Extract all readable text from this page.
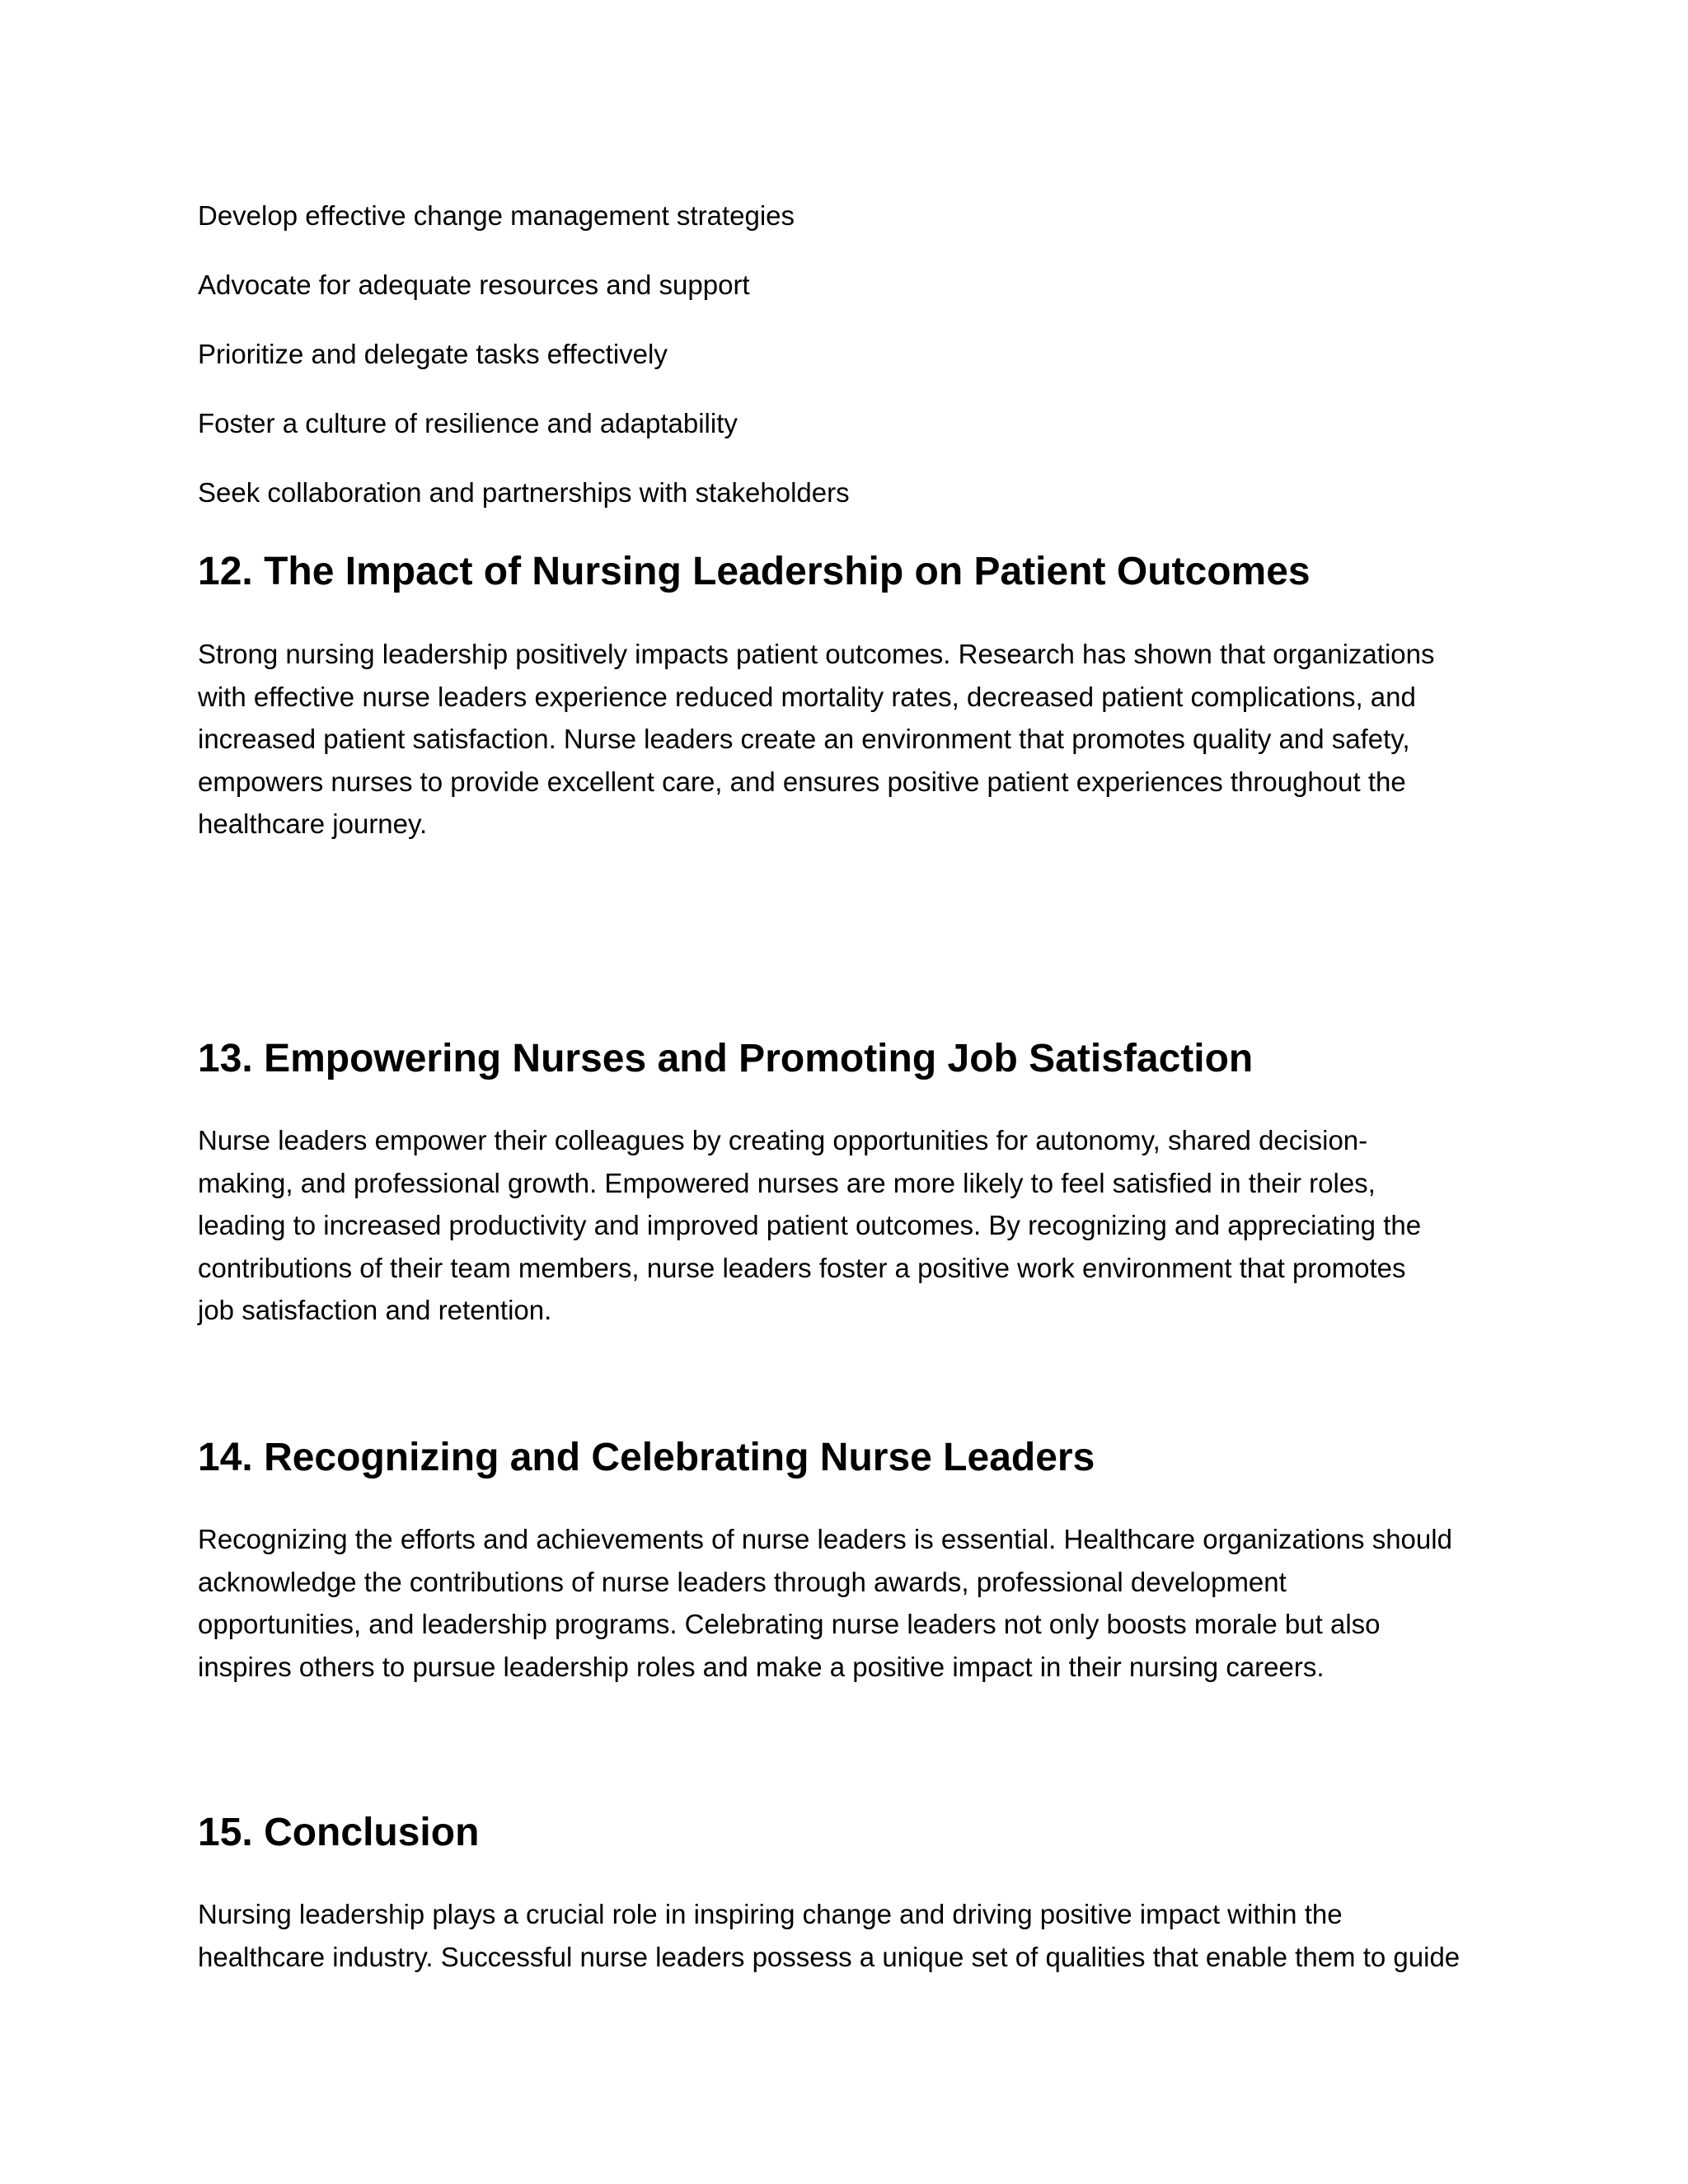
Develop effective change management strategies

Advocate for adequate resources and support

Prioritize and delegate tasks effectively

Foster a culture of resilience and adaptability

Seek collaboration and partnerships with stakeholders

12. The Impact of Nursing Leadership on Patient Outcomes
Strong nursing leadership positively impacts patient outcomes. Research has shown that organizations
with effective nurse leaders experience reduced mortality rates, decreased patient complications, and
increased patient satisfaction. Nurse leaders create an environment that promotes quality and safety,
empowers nurses to provide excellent care, and ensures positive patient experiences throughout the
healthcare journey.
13. Empowering Nurses and Promoting Job Satisfaction
Nurse leaders empower their colleagues by creating opportunities for autonomy, shared decision-
making, and professional growth. Empowered nurses are more likely to feel satisfied in their roles,
leading to increased productivity and improved patient outcomes. By recognizing and appreciating the
contributions of their team members, nurse leaders foster a positive work environment that promotes
job satisfaction and retention.
14. Recognizing and Celebrating Nurse Leaders
Recognizing the efforts and achievements of nurse leaders is essential. Healthcare organizations should
acknowledge the contributions of nurse leaders through awards, professional development
opportunities, and leadership programs. Celebrating nurse leaders not only boosts morale but also
inspires others to pursue leadership roles and make a positive impact in their nursing careers.
15. Conclusion
Nursing leadership plays a crucial role in inspiring change and driving positive impact within the
healthcare industry. Successful nurse leaders possess a unique set of qualities that enable them to guide
